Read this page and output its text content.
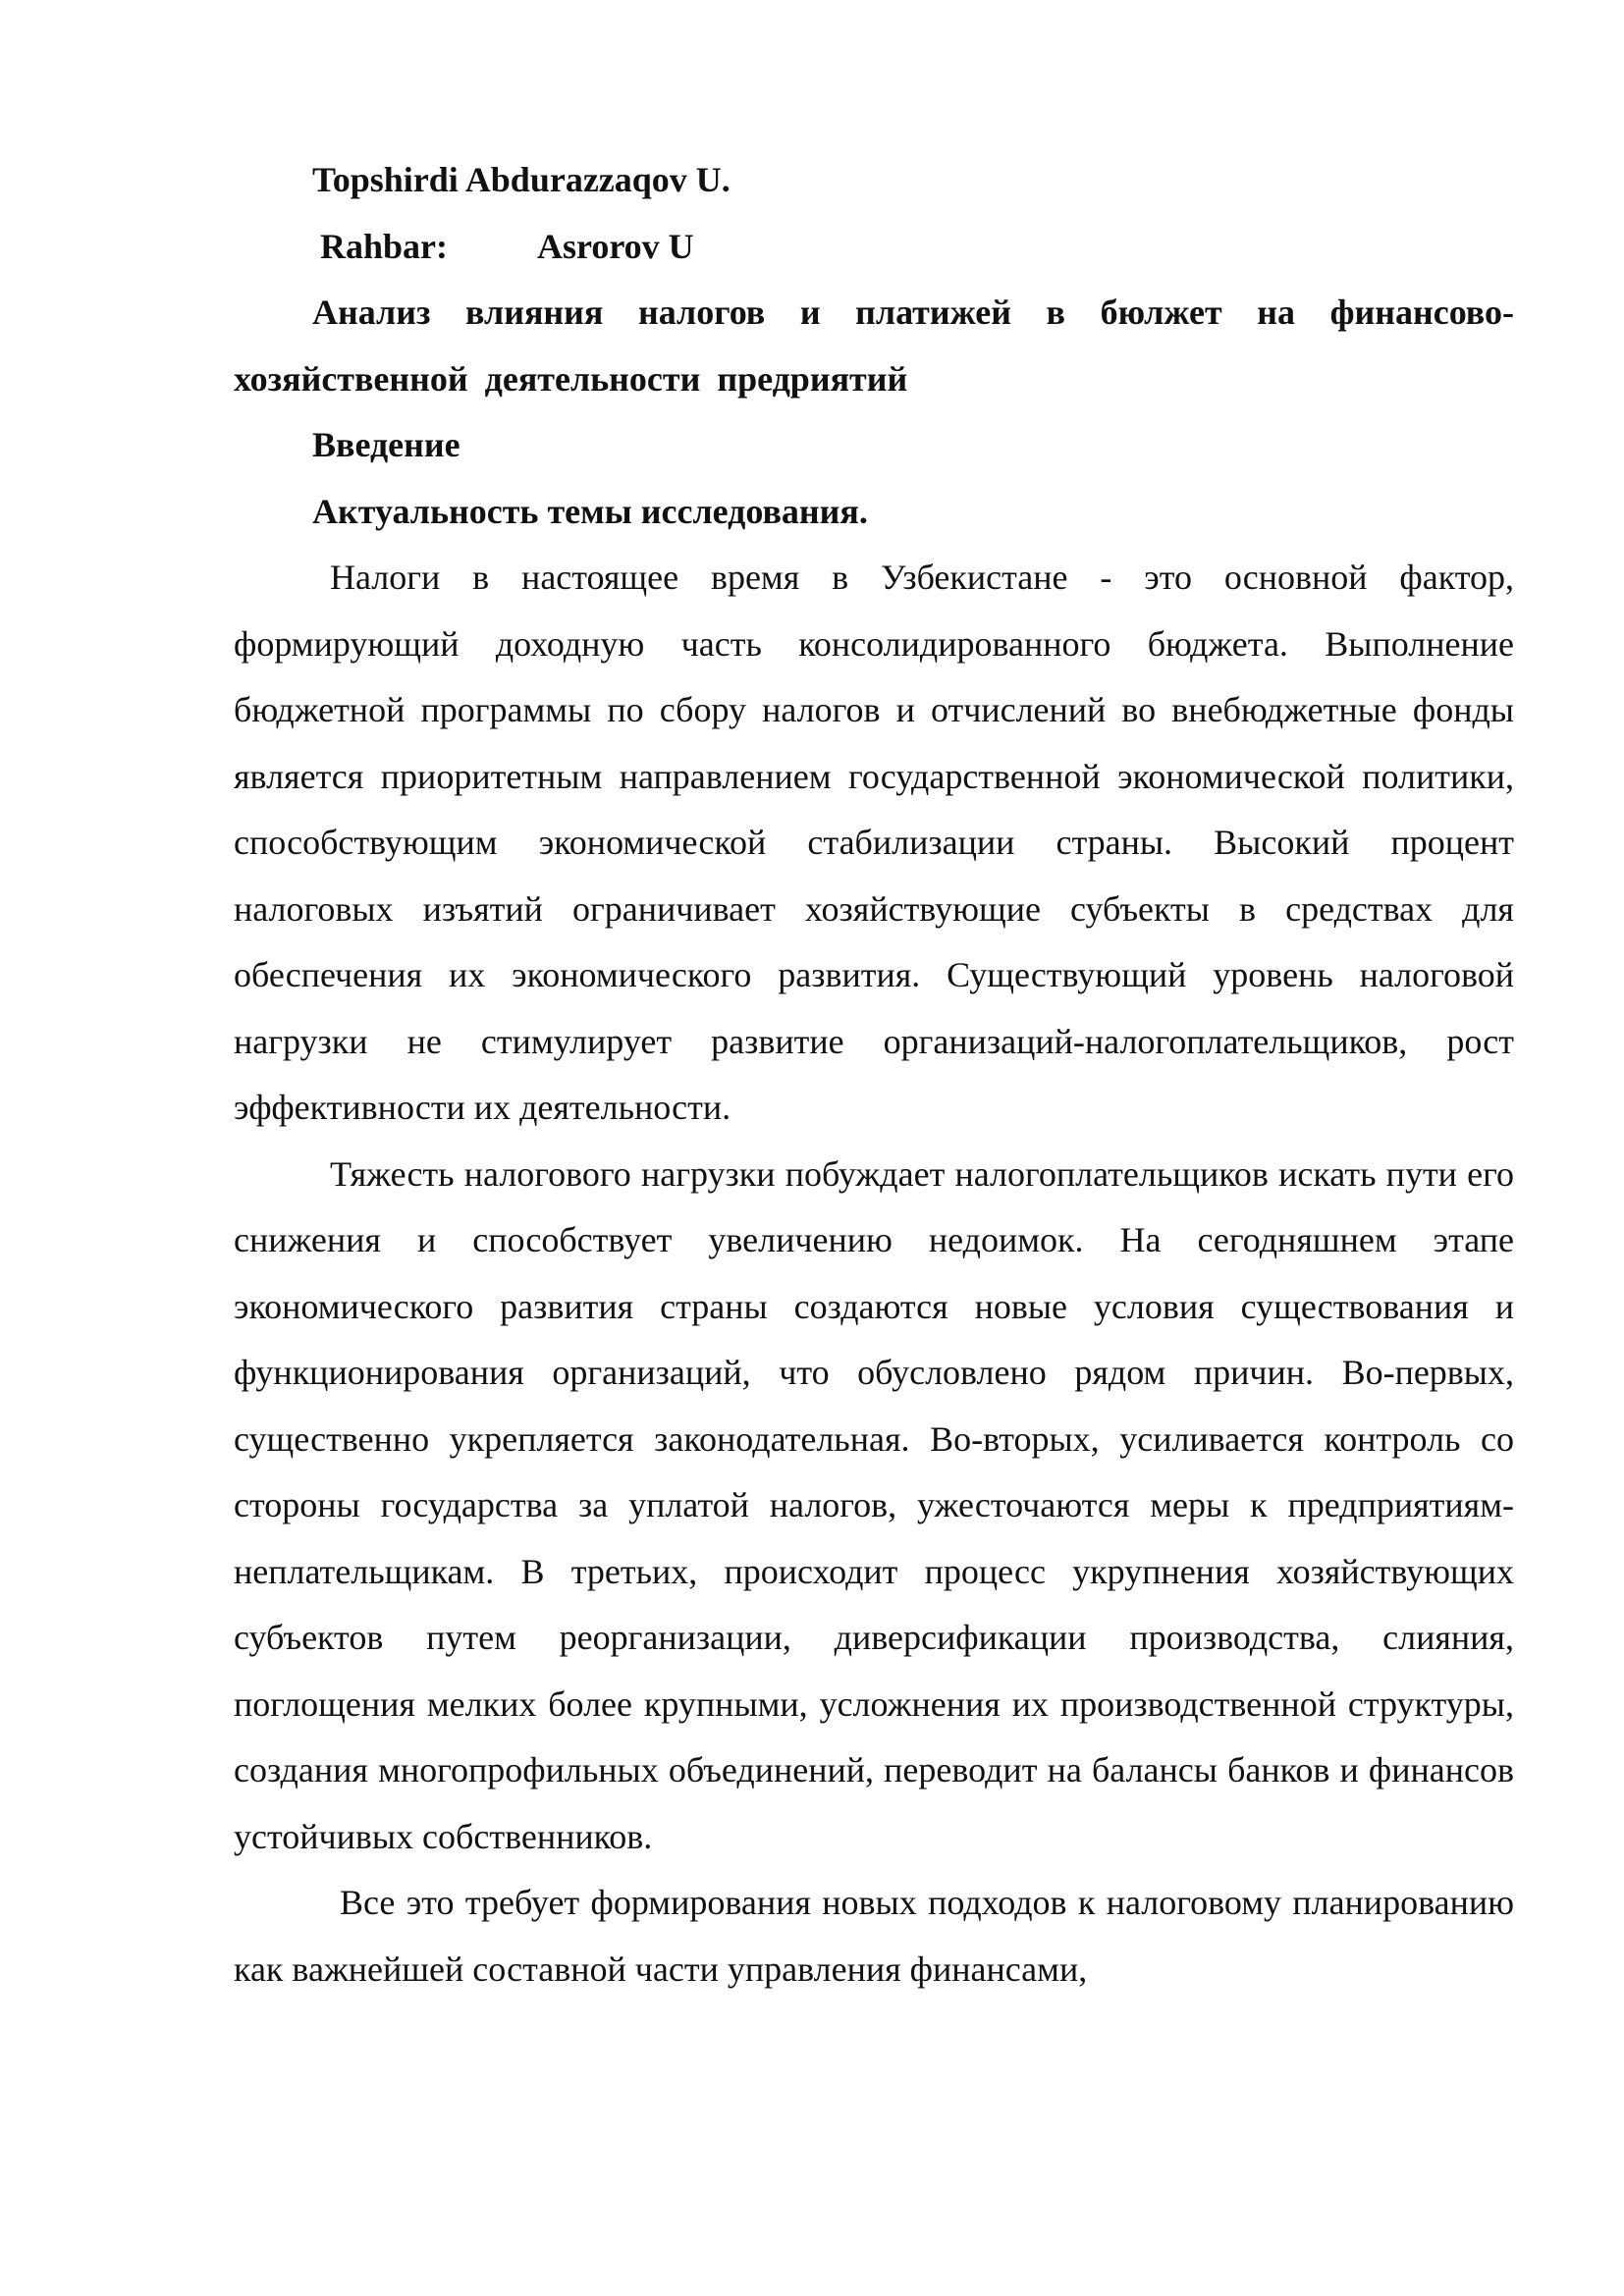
Topshirdi Abdurazzaqov U.

Rahbar:	Asrorov U

Анализ влияния налогов и платижей в бюлжет на финансово-хозяйственной деятельности предриятий

Введение

Актуальность темы исследования.

Налоги в настоящее время в Узбекистане - это основной фактор, формирующий доходную часть консолидированного бюджета. Выполнение бюджетной программы по сбору налогов и отчислений во внебюджетные фонды является приоритетным направлением государственной экономической политики, способствующим экономической стабилизации страны. Высокий процент налоговых изъятий ограничивает хозяйствующие субъекты в средствах для обеспечения их экономического развития. Существующий уровень налоговой нагрузки не стимулирует развитие организаций-налогоплательщиков, рост эффективности их деятельности.

Тяжесть налогового нагрузки побуждает налогоплательщиков искать пути его снижения и способствует увеличению недоимок. На сегодняшнем этапе экономического развития страны создаются новые условия существования и функционирования организаций, что обусловлено рядом причин. Во-первых, существенно укрепляется законодательная. Во-вторых, усиливается контроль со стороны государства за уплатой налогов, ужесточаются меры к предприятиям-неплательщикам. В третьих, происходит процесс укрупнения хозяйствующих субъектов путем реорганизации, диверсификации производства, слияния, поглощения мелких более крупными, усложнения их производственной структуры, создания многопрофильных объединений, переводит на балансы банков и финансов устойчивых собственников.

Все это требует формирования новых подходов к налоговому планированию как важнейшей составной части управления финансами,
